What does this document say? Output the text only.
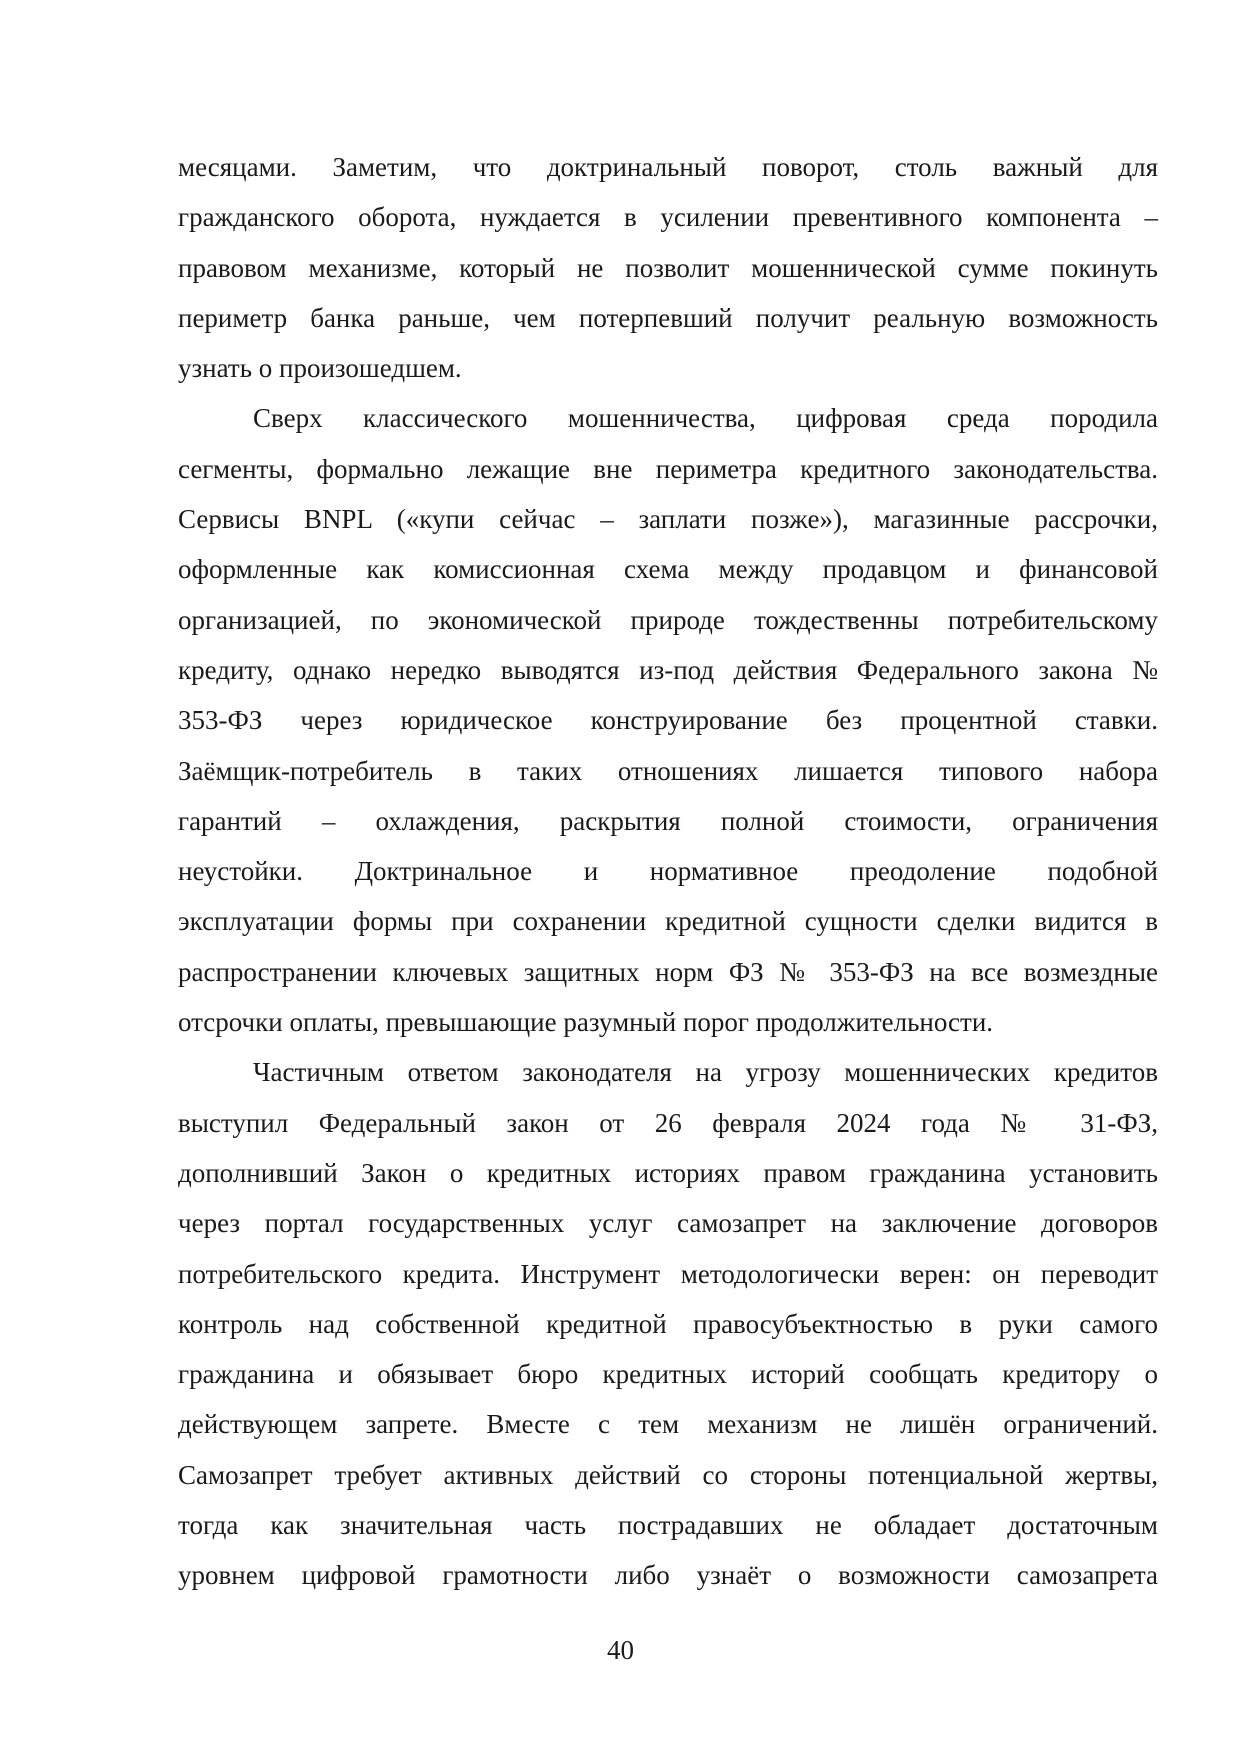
месяцами. Заметим, что доктринальный поворот, столь важный для
гражданского оборота, нуждается в усилении превентивного компонента –
правовом механизме, который не позволит мошеннической сумме покинуть
периметр банка раньше, чем потерпевший получит реальную возможность
узнать о произошедшем.
Сверх классического мошенничества, цифровая среда породила
сегменты, формально лежащие вне периметра кредитного законодательства.
Сервисы BNPL («купи сейчас – заплати позже»), магазинные рассрочки,
оформленные как комиссионная схема между продавцом и финансовой
организацией, по экономической природе тождественны потребительскому
кредиту, однако нередко выводятся из-под действия Федерального закона №
353-ФЗ через юридическое конструирование без процентной ставки.
Заёмщик-потребитель в таких отношениях лишается типового набора
гарантий – охлаждения, раскрытия полной стоимости, ограничения
неустойки. Доктринальное и нормативное преодоление подобной
эксплуатации формы при сохранении кредитной сущности сделки видится в
распространении ключевых защитных норм ФЗ № 353-ФЗ на все возмездные
отсрочки оплаты, превышающие разумный порог продолжительности.
Частичным ответом законодателя на угрозу мошеннических кредитов
выступил Федеральный закон от 26 февраля 2024 года № 31-ФЗ,
дополнивший Закон о кредитных историях правом гражданина установить
через портал государственных услуг самозапрет на заключение договоров
потребительского кредита. Инструмент методологически верен: он переводит
контроль над собственной кредитной правосубъектностью в руки самого
гражданина и обязывает бюро кредитных историй сообщать кредитору о
действующем запрете. Вместе с тем механизм не лишён ограничений.
Самозапрет требует активных действий со стороны потенциальной жертвы,
тогда как значительная часть пострадавших не обладает достаточным
уровнем цифровой грамотности либо узнаёт о возможности самозапрета
40
